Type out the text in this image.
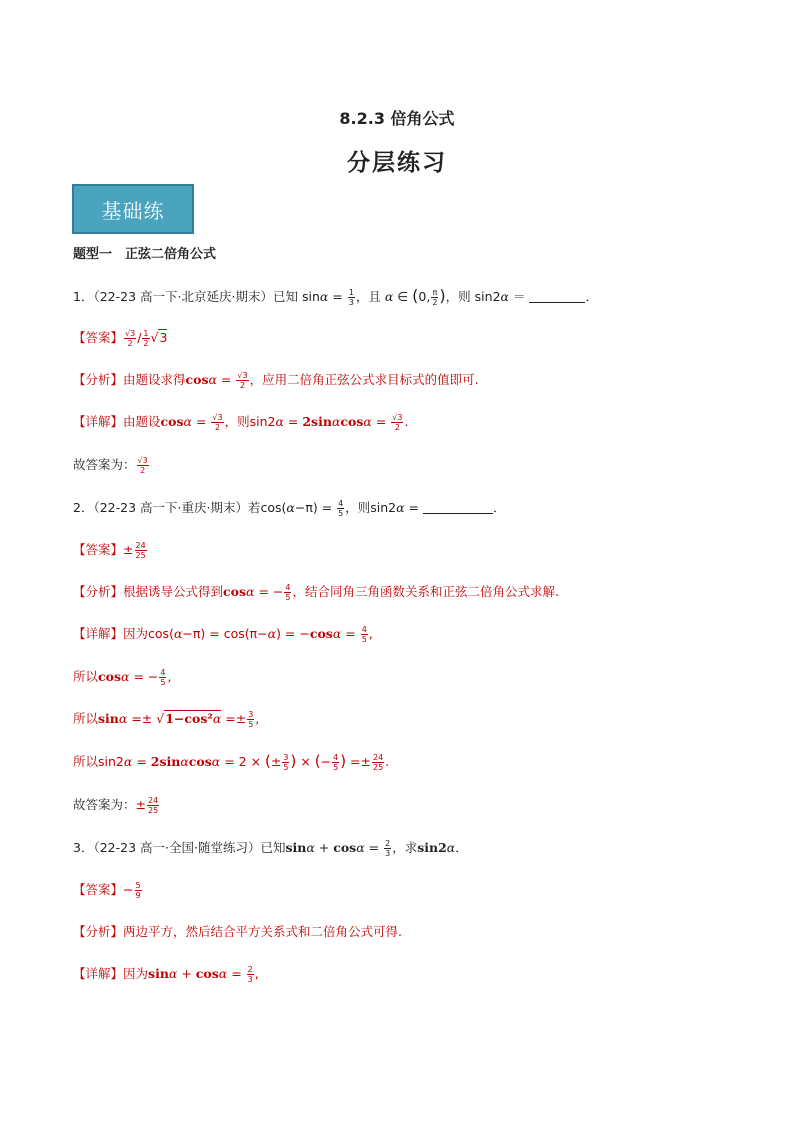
8.2.3 倍角公式
分层练习
基础练
题型一　正弦二倍角公式
1．（22-23 高一下·北京延庆·期末）已知 $\sin\alpha = \frac{1}{3}$ ，且 α ∈ (0, $\frac{\pi}{2}$ )，则 sin2α ＝	．
【答案】 $\frac{√3}{2} / \frac{1}{2} √3$
【分析】由题设求得$\cos\alpha = \frac{√3}{2}$ ，应用二倍角正弦公式求目标式的值即可.
【详解】由题设$\cos\alpha = \frac{√3}{2}$ ，则$\sin 2\alpha = 2\sin\alpha\cos\alpha = \frac{√3}{2}$ .
故答案为： $\frac{√3}{2}$
2．（22-23 高一下·重庆·期末）若$\cos(\alpha-\pi) = \frac{4}{5}$ ，则sin2α =	．
【答案】± $\frac{24}{25}$
【分析】根据诱导公式得到cosα = − $\frac{4}{5}$ ，结合同角三角函数关系和正弦二倍角公式求解.
【详解】因为$\cos(\alpha-\pi) = \cos(\pi-\alpha) = -\cos\alpha = \frac{4}{5}$ ,
所以cosα = − $\frac{4}{5}$ ,
所以$\sin\alpha =\pm √1-\cos^2\alpha =\pm \frac{3}{5}$ ,
所以sin2α = 2sinαcosα = 2 × (± $\frac{3}{5}$ ) × (− $\frac{4}{5}$ ) =± $\frac{24}{25}$ .
故答案为：± $\frac{24}{25}$
3．（22-23 高一·全国·随堂练习）已知$\sin\alpha + \cos\alpha = \frac{2}{3}$ ，求sin2α．
【答案】− $\frac{5}{9}$
【分析】两边平方，然后结合平方关系式和二倍角公式可得.
【详解】因为$\sin\alpha + \cos\alpha = \frac{2}{3}$ ,
